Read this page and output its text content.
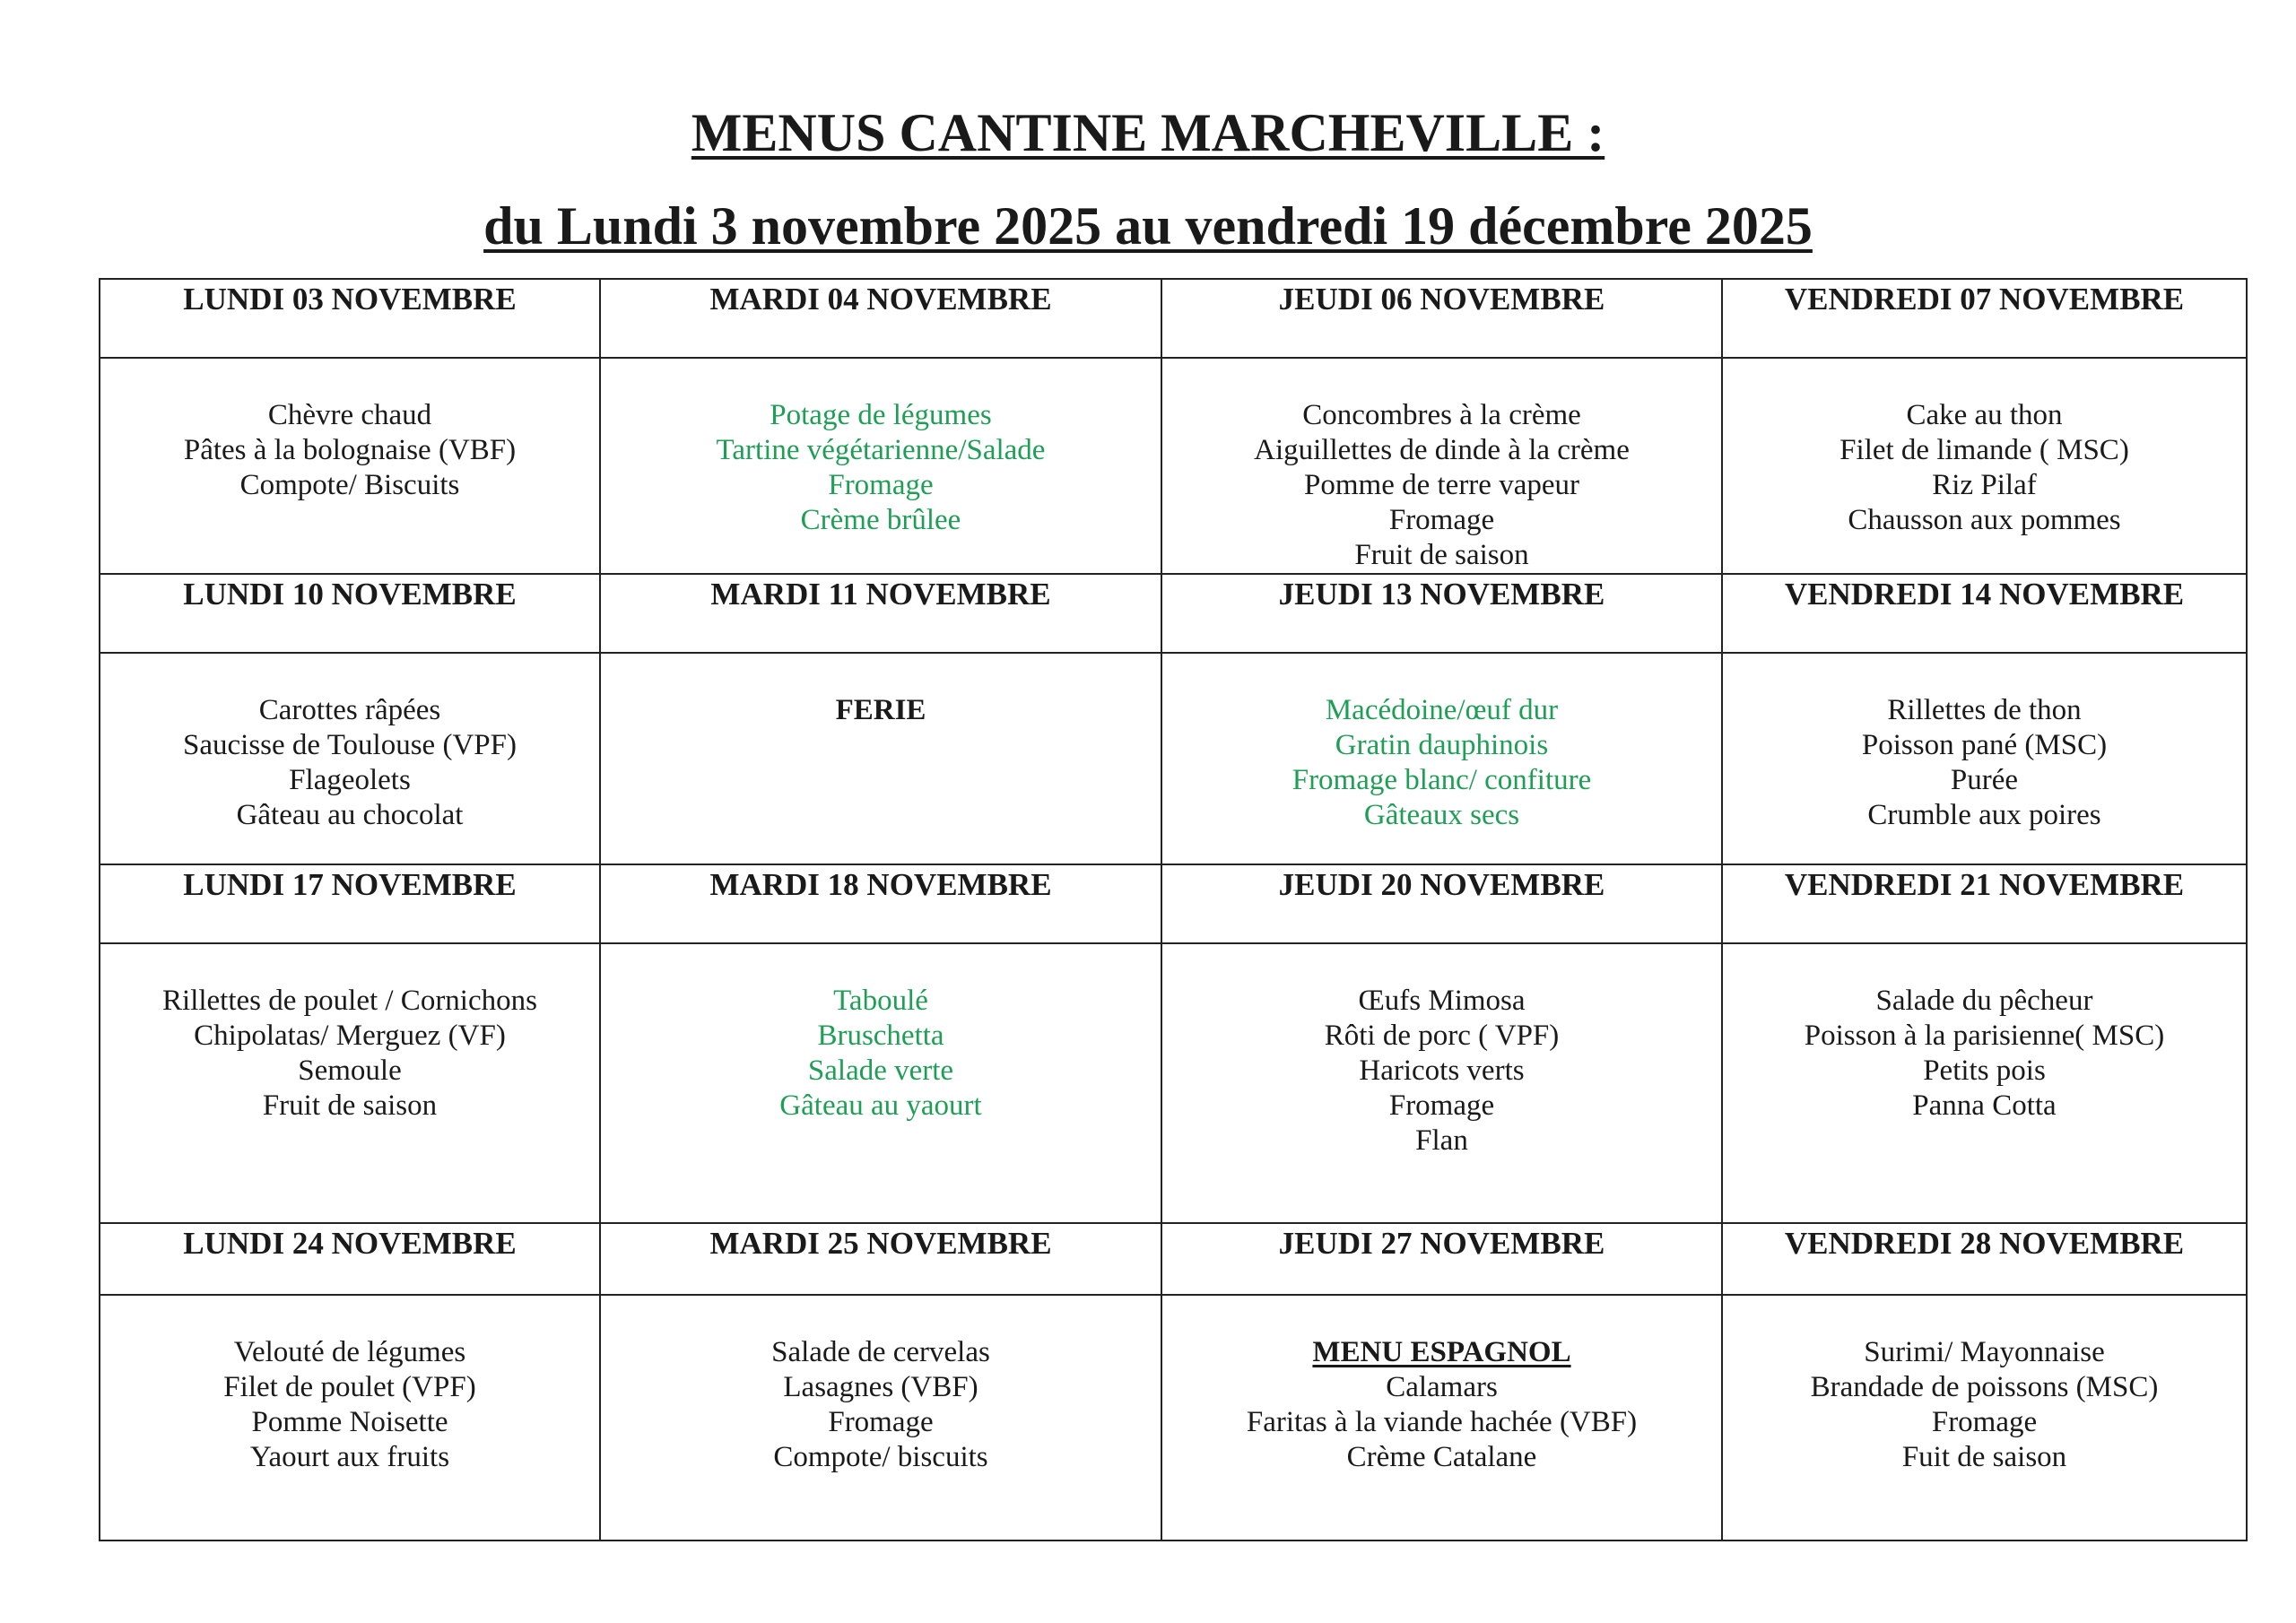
MENUS CANTINE MARCHEVILLE :
du Lundi 3 novembre 2025 au vendredi 19 décembre 2025
LUNDI 03 NOVEMBRE	MARDI 04 NOVEMBRE	JEUDI 06 NOVEMBRE	VENDREDI 07 NOVEMBRE

Chèvre chaud
Pâtes à la bolognaise (VBF)
Compote/ Biscuits	Potage de légumes
Tartine végétarienne/Salade
Fromage
Crème brûlee	Concombres à la crème
Aiguillettes de dinde à la crème
Pomme de terre vapeur
Fromage
Fruit de saison	Cake au thon
Filet de limande ( MSC)
Riz Pilaf
Chausson aux pommes

LUNDI 10 NOVEMBRE	MARDI 11 NOVEMBRE	JEUDI 13 NOVEMBRE	VENDREDI 14 NOVEMBRE

Carottes râpées
Saucisse de Toulouse (VPF)
Flageolets
Gâteau au chocolat	FERIE	Macédoine/œuf dur
Gratin dauphinois
Fromage blanc/ confiture
Gâteaux secs	Rillettes de thon
Poisson pané (MSC)
Purée
Crumble aux poires

LUNDI 17 NOVEMBRE	MARDI 18 NOVEMBRE	JEUDI 20 NOVEMBRE	VENDREDI 21 NOVEMBRE

Rillettes de poulet / Cornichons
Chipolatas/ Merguez (VF)
Semoule
Fruit de saison	Taboulé
Bruschetta
Salade verte
Gâteau au yaourt	Œufs Mimosa
Rôti de porc ( VPF)
Haricots verts
Fromage
Flan	Salade du pêcheur
Poisson à la parisienne( MSC)
Petits pois
Panna Cotta

LUNDI 24 NOVEMBRE	MARDI 25 NOVEMBRE	JEUDI 27 NOVEMBRE	VENDREDI 28 NOVEMBRE

Velouté de légumes
Filet de poulet (VPF)
Pomme Noisette
Yaourt aux fruits	Salade de cervelas
Lasagnes (VBF)
Fromage
Compote/ biscuits	MENU ESPAGNOL
Calamars
Faritas à la viande hachée (VBF)
Crème Catalane	Surimi/ Mayonnaise
Brandade de poissons (MSC)
Fromage
Fuit de saison
